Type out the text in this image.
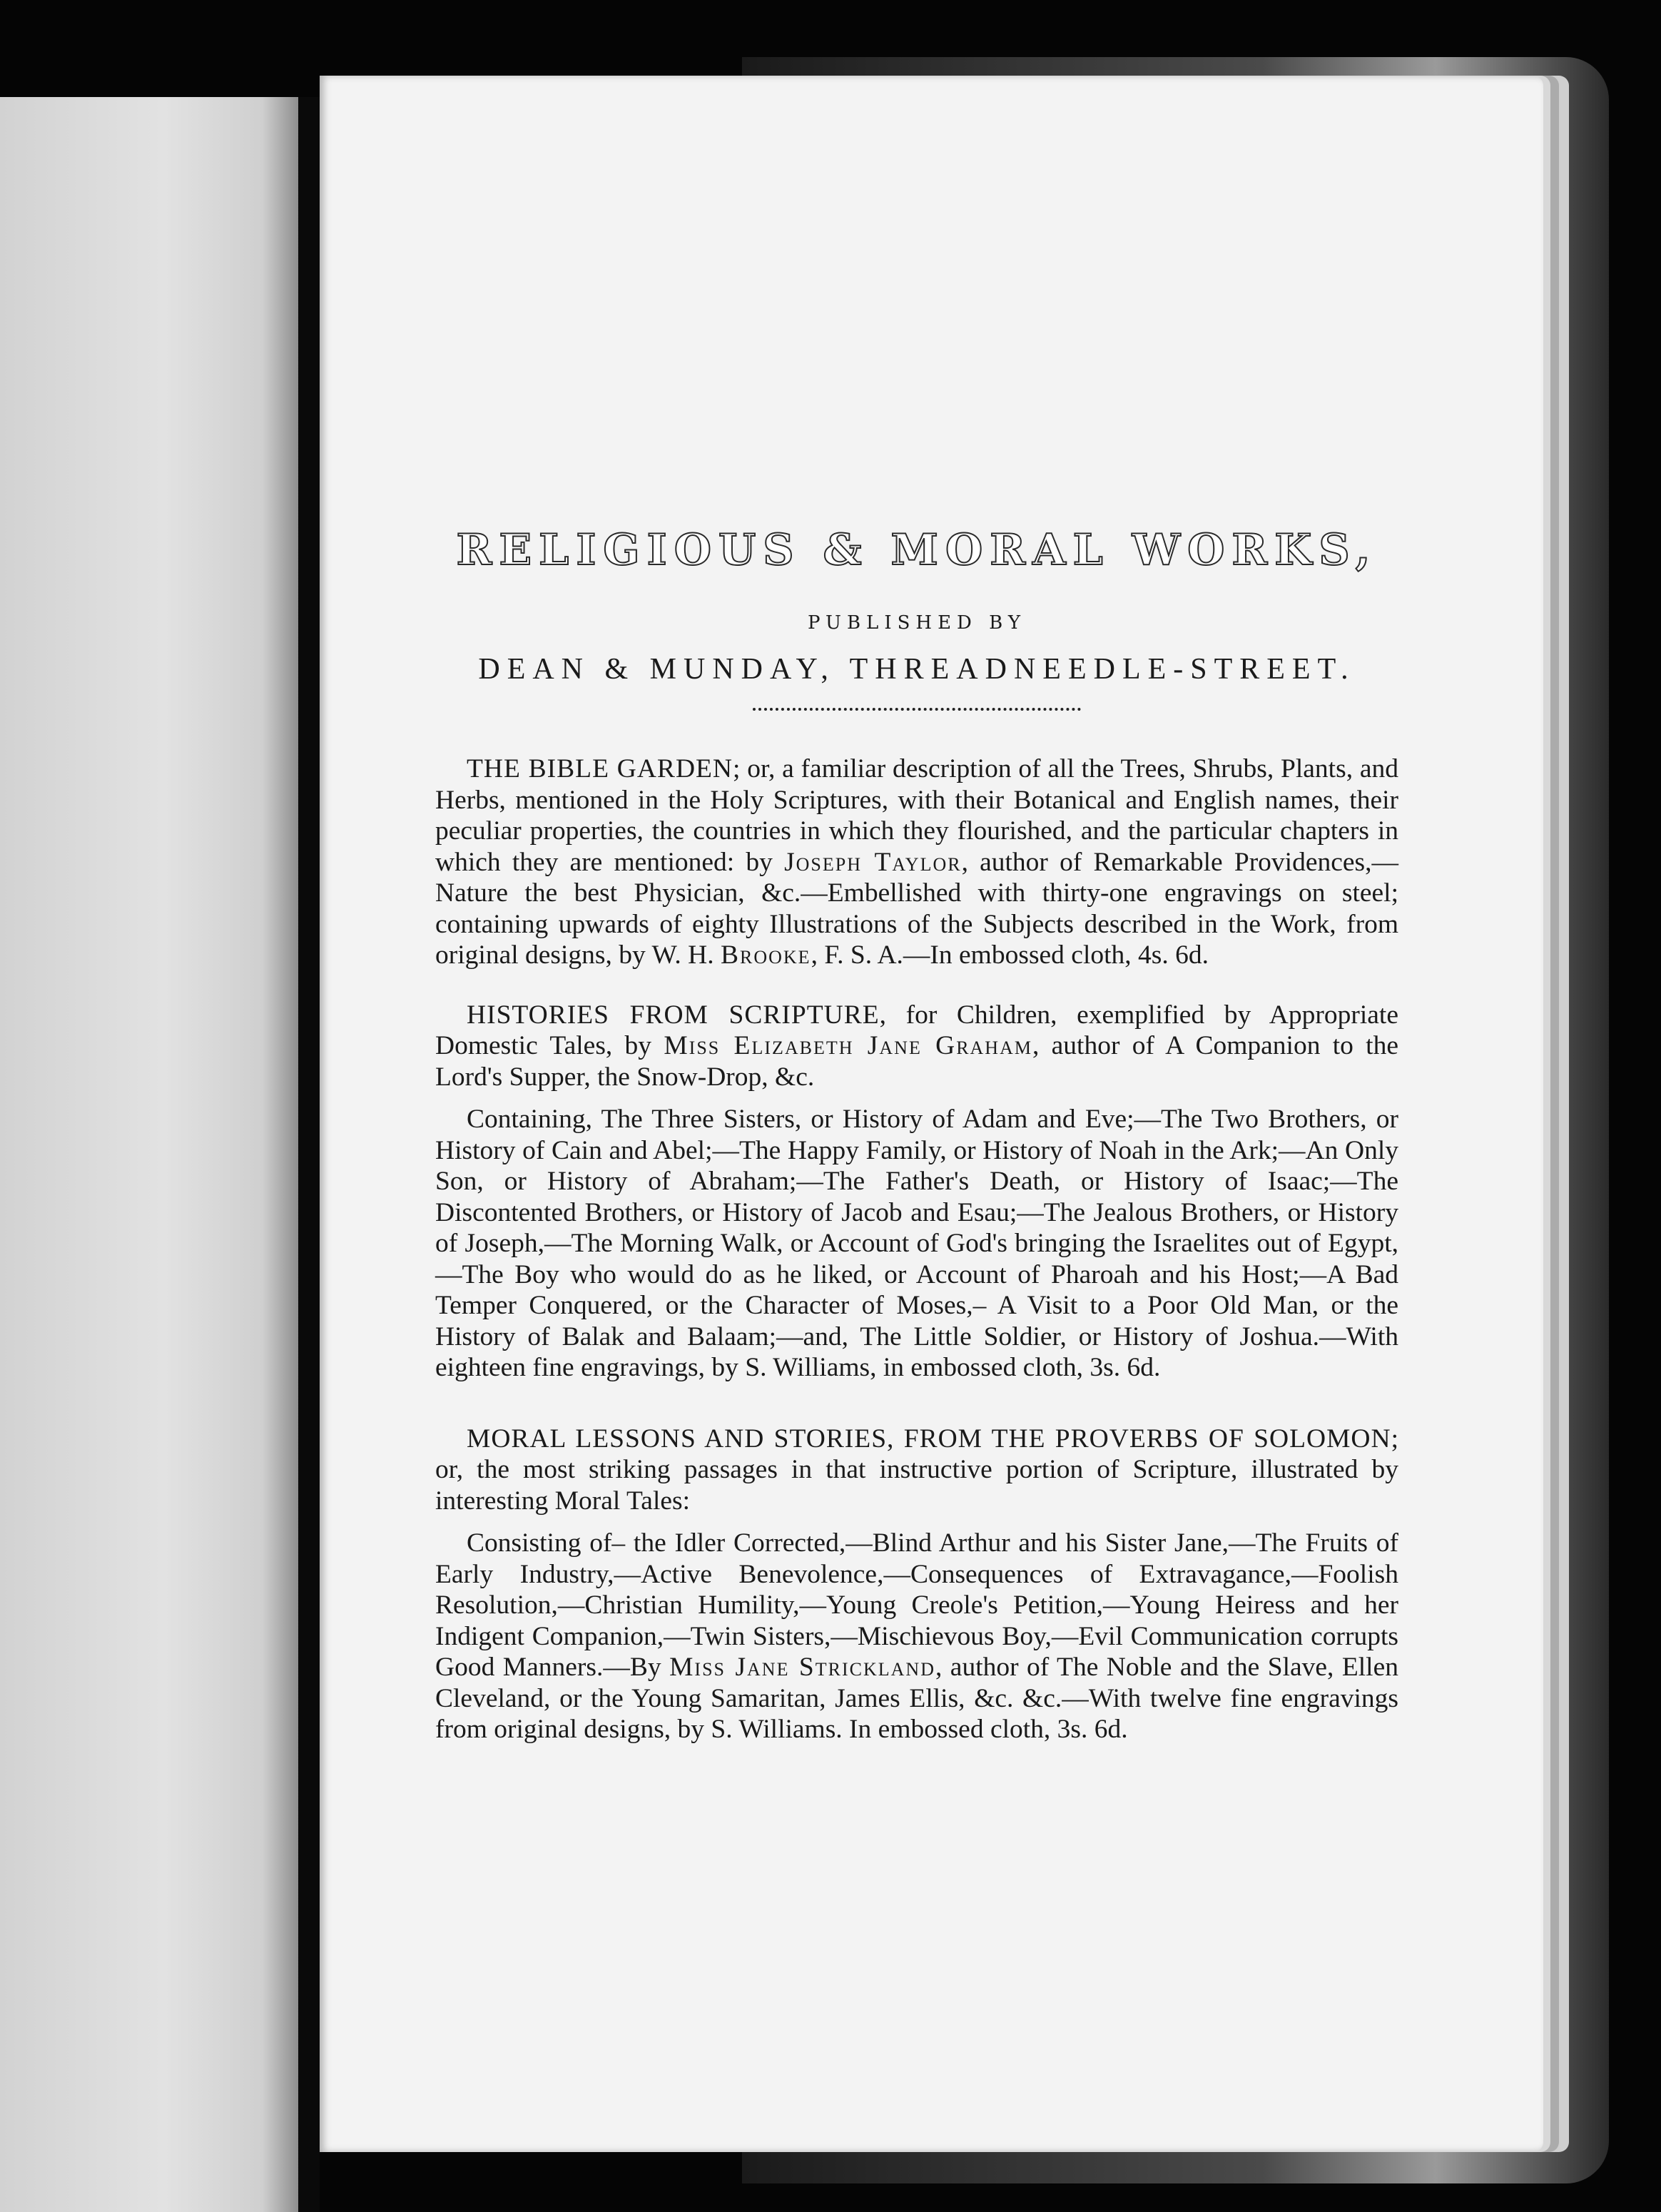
RELIGIOUS & MORAL WORKS,
PUBLISHED BY
DEAN & MUNDAY, THREADNEEDLE-STREET.

THE BIBLE GARDEN; or, a familiar description of all the Trees, Shrubs, Plants, and Herbs, mentioned in the Holy Scriptures, with their Botanical and English names, their peculiar properties, the countries in which they flourished, and the particular chapters in which they are mentioned: by Joseph Taylor, author of Remarkable Providences,—Nature the best Physician, &c.—Embellished with thirty-one engravings on steel; containing upwards of eighty Illustrations of the Subjects described in the Work, from original designs, by W. H. Brooke, F. S. A.—In embossed cloth, 4s. 6d.

HISTORIES FROM SCRIPTURE, for Children, exemplified by Appropriate Domestic Tales, by Miss Elizabeth Jane Graham, author of A Companion to the Lord's Supper, the Snow-Drop, &c.

Containing, The Three Sisters, or History of Adam and Eve;—The Two Brothers, or History of Cain and Abel;—The Happy Family, or History of Noah in the Ark;—An Only Son, or History of Abraham;—The Father's Death, or History of Isaac;—The Discontented Brothers, or History of Jacob and Esau;—The Jealous Brothers, or History of Joseph,—The Morning Walk, or Account of God's bringing the Israelites out of Egypt,—The Boy who would do as he liked, or Account of Pharoah and his Host;—A Bad Temper Conquered, or the Character of Moses,– A Visit to a Poor Old Man, or the History of Balak and Balaam;—and, The Little Soldier, or History of Joshua.—With eighteen fine engravings, by S. Williams, in embossed cloth, 3s. 6d.

MORAL LESSONS AND STORIES, FROM THE PROVERBS OF SOLOMON; or, the most striking passages in that instructive portion of Scripture, illustrated by interesting Moral Tales:

Consisting of– the Idler Corrected,—Blind Arthur and his Sister Jane,—The Fruits of Early Industry,—Active Benevolence,—Consequences of Extravagance,—Foolish Resolution,—Christian Humility,—Young Creole's Petition,—Young Heiress and her Indigent Companion,—Twin Sisters,—Mischievous Boy,—Evil Communication corrupts Good Manners.—By Miss Jane Strickland, author of The Noble and the Slave, Ellen Cleveland, or the Young Samaritan, James Ellis, &c. &c.—With twelve fine engravings from original designs, by S. Williams. In embossed cloth, 3s. 6d.
